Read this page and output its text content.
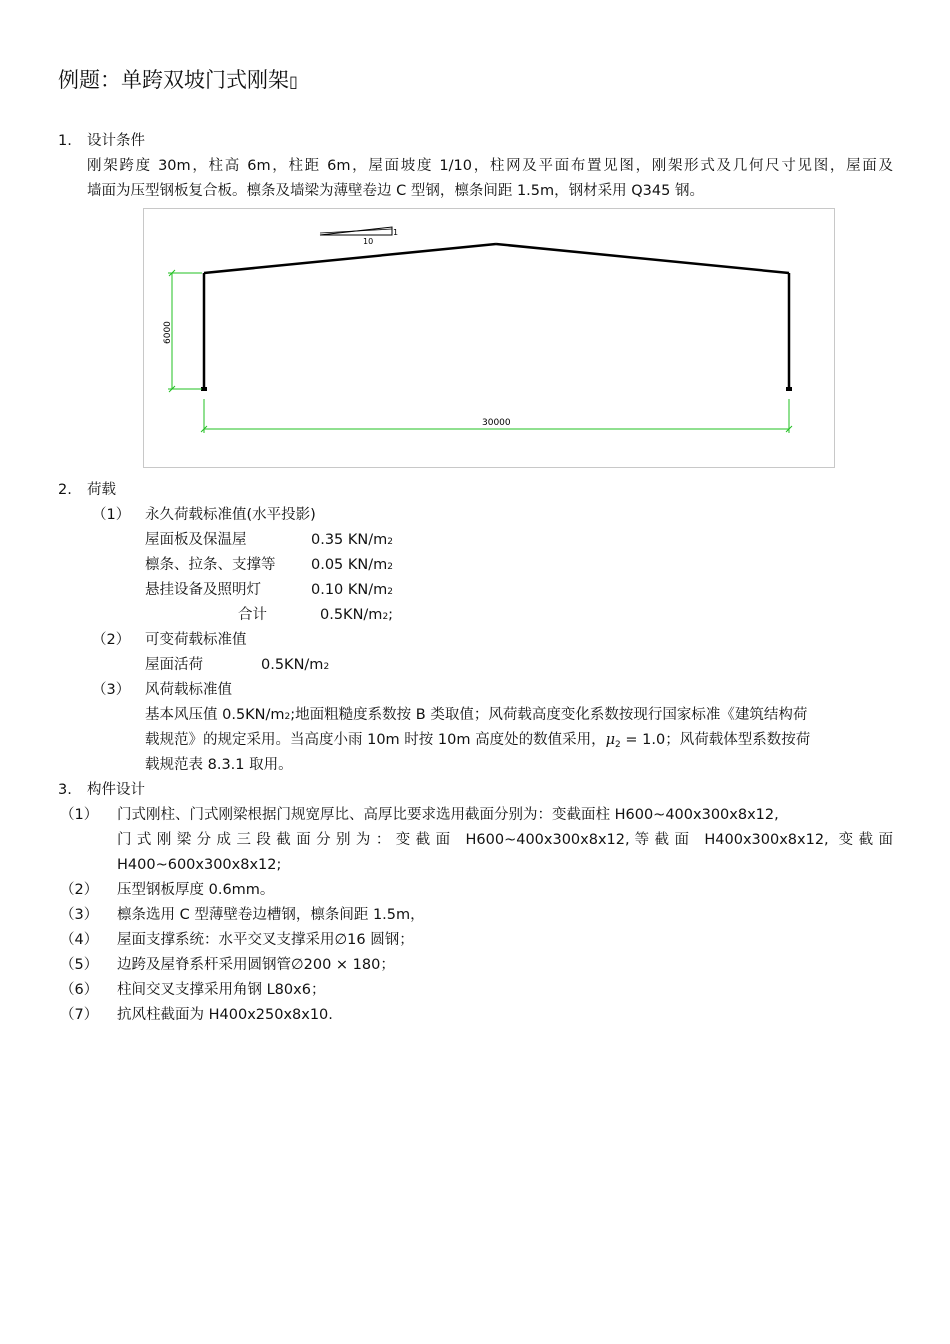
例题：单跨双坡门式刚架▯
1. 设计条件
刚架跨度 30m，柱高 6m，柱距 6m，屋面坡度 1/10，柱网及平面布置见图，刚架形式及几何尺寸见图，屋面及
墙面为压型钢板复合板。檩条及墙梁为薄壁卷边 C 型钢，檩条间距 1.5m，钢材采用 Q345 钢。
1
10
6000
30000
2. 荷载
（1） 永久荷载标准值(水平投影)
屋面板及保温屋	0.35 KN/m2
檩条、拉条、支撑等 0.05 KN/m2
悬挂设备及照明灯	0.10 KN/m2
合计	0.5KN/m2;
（2） 可变荷载标准值
屋面活荷	0.5KN/m2
（3） 风荷载标准值
基本风压值 0.5KN/m2;地面粗糙度系数按 B 类取值；风荷载高度变化系数按现行国家标准《建筑结构荷
载规范》的规定采用。当高度小雨 10m 时按 10m 高度处的数值采用，$\mu_2 = 1.0$；风荷载体型系数按荷
载规范表 8.3.1 取用。
3. 构件设计
（1） 门式刚柱、门式刚梁根据门规宽厚比、高厚比要求选用截面分别为：变截面柱 H600~400x300x8x12,
门 式 刚 梁 分 成 三 段 截 面 分 别 为 ： 变 截 面   H600~400x300x8x12, 等 截 面   H400x300x8x12,  变 截 面
H400~600x300x8x12;
（2） 压型钢板厚度 0.6mm。
（3） 檩条选用 C 型薄壁卷边槽钢，檩条间距 1.5m，
（4） 屋面支撑系统：水平交叉支撑采用∅16 圆钢；
（5） 边跨及屋脊系杆采用圆钢管∅200 × 180；
（6） 柱间交叉支撑采用角钢 L80x6；
（7） 抗风柱截面为 H400x250x8x10.
